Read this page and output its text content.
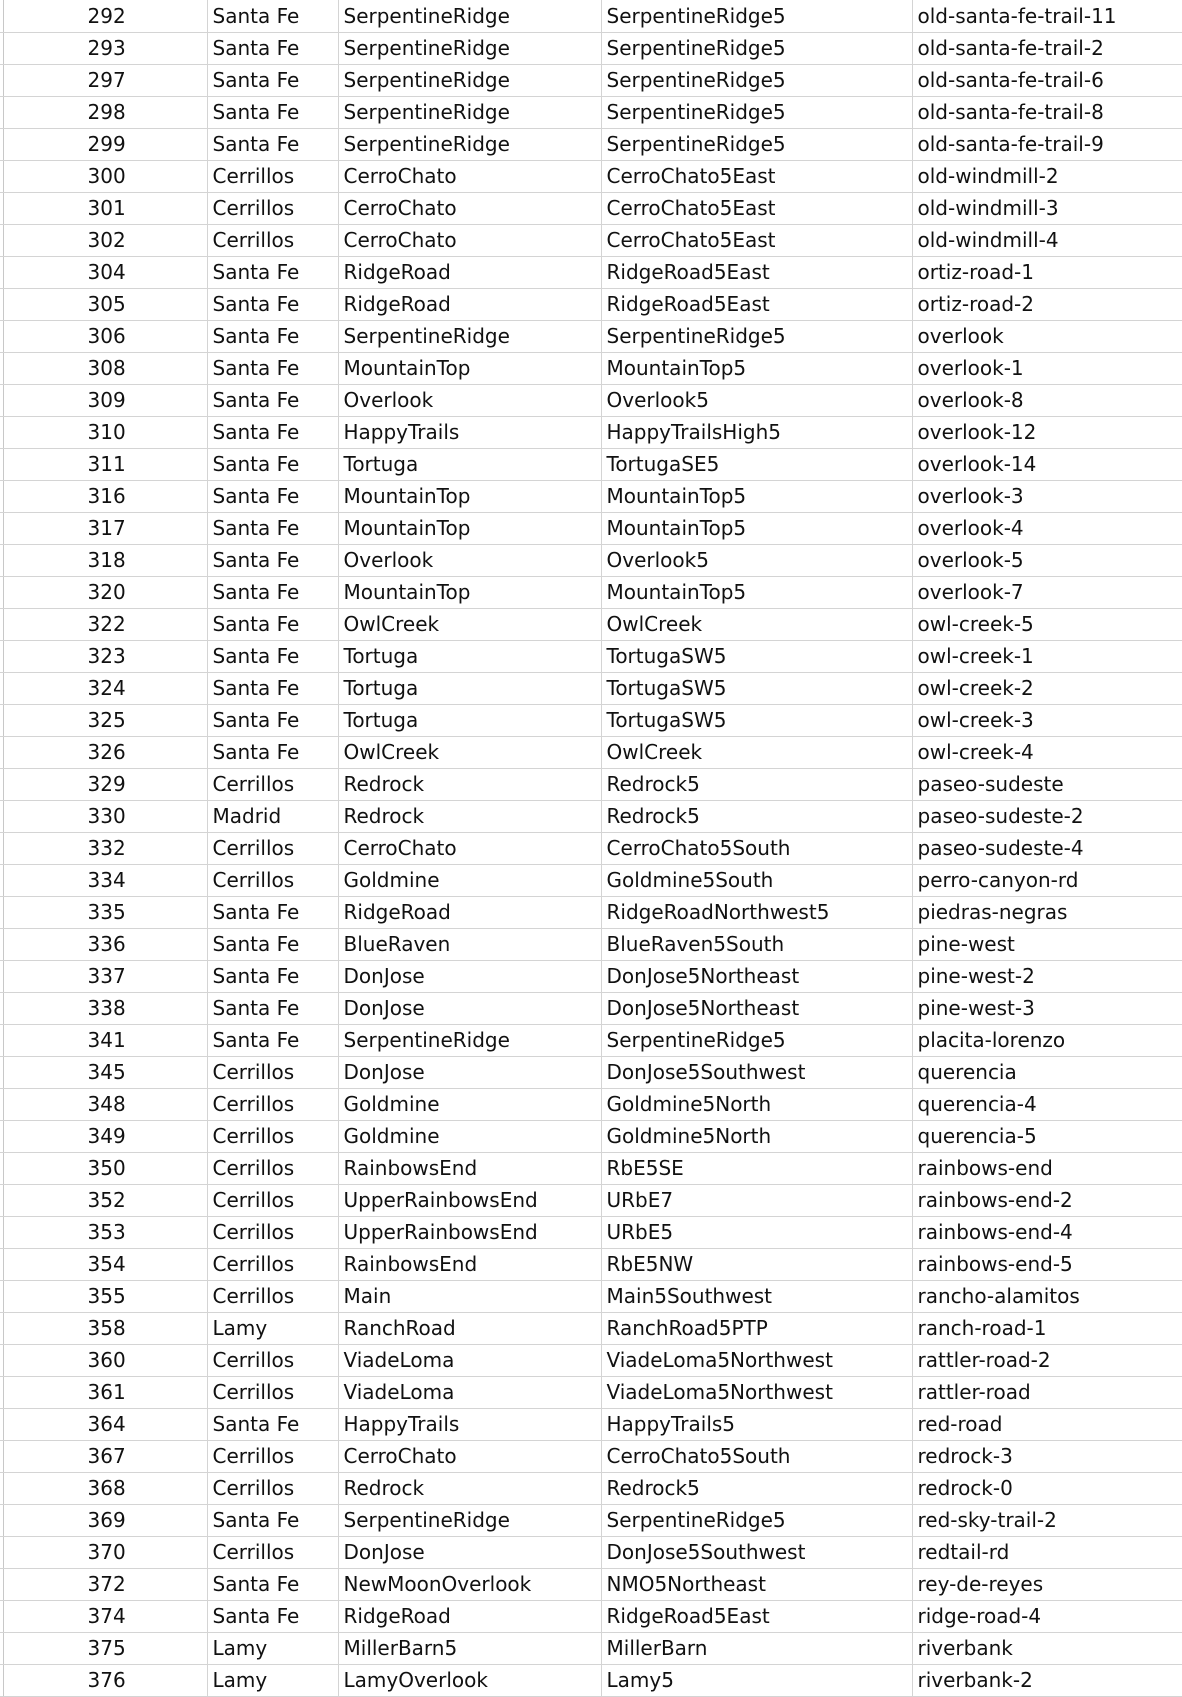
	292	Santa Fe	SerpentineRidge	SerpentineRidge5	old-santa-fe-trail-11
	293	Santa Fe	SerpentineRidge	SerpentineRidge5	old-santa-fe-trail-2
	297	Santa Fe	SerpentineRidge	SerpentineRidge5	old-santa-fe-trail-6
	298	Santa Fe	SerpentineRidge	SerpentineRidge5	old-santa-fe-trail-8
	299	Santa Fe	SerpentineRidge	SerpentineRidge5	old-santa-fe-trail-9
	300	Cerrillos	CerroChato	CerroChato5East	old-windmill-2
	301	Cerrillos	CerroChato	CerroChato5East	old-windmill-3
	302	Cerrillos	CerroChato	CerroChato5East	old-windmill-4
	304	Santa Fe	RidgeRoad	RidgeRoad5East	ortiz-road-1
	305	Santa Fe	RidgeRoad	RidgeRoad5East	ortiz-road-2
	306	Santa Fe	SerpentineRidge	SerpentineRidge5	overlook
	308	Santa Fe	MountainTop	MountainTop5	overlook-1
	309	Santa Fe	Overlook	Overlook5	overlook-8
	310	Santa Fe	HappyTrails	HappyTrailsHigh5	overlook-12
	311	Santa Fe	Tortuga	TortugaSE5	overlook-14
	316	Santa Fe	MountainTop	MountainTop5	overlook-3
	317	Santa Fe	MountainTop	MountainTop5	overlook-4
	318	Santa Fe	Overlook	Overlook5	overlook-5
	320	Santa Fe	MountainTop	MountainTop5	overlook-7
	322	Santa Fe	OwlCreek	OwlCreek	owl-creek-5
	323	Santa Fe	Tortuga	TortugaSW5	owl-creek-1
	324	Santa Fe	Tortuga	TortugaSW5	owl-creek-2
	325	Santa Fe	Tortuga	TortugaSW5	owl-creek-3
	326	Santa Fe	OwlCreek	OwlCreek	owl-creek-4
	329	Cerrillos	Redrock	Redrock5	paseo-sudeste
	330	Madrid	Redrock	Redrock5	paseo-sudeste-2
	332	Cerrillos	CerroChato	CerroChato5South	paseo-sudeste-4
	334	Cerrillos	Goldmine	Goldmine5South	perro-canyon-rd
	335	Santa Fe	RidgeRoad	RidgeRoadNorthwest5	piedras-negras
	336	Santa Fe	BlueRaven	BlueRaven5South	pine-west
	337	Santa Fe	DonJose	DonJose5Northeast	pine-west-2
	338	Santa Fe	DonJose	DonJose5Northeast	pine-west-3
	341	Santa Fe	SerpentineRidge	SerpentineRidge5	placita-lorenzo
	345	Cerrillos	DonJose	DonJose5Southwest	querencia
	348	Cerrillos	Goldmine	Goldmine5North	querencia-4
	349	Cerrillos	Goldmine	Goldmine5North	querencia-5
	350	Cerrillos	RainbowsEnd	RbE5SE	rainbows-end
	352	Cerrillos	UpperRainbowsEnd	URbE7	rainbows-end-2
	353	Cerrillos	UpperRainbowsEnd	URbE5	rainbows-end-4
	354	Cerrillos	RainbowsEnd	RbE5NW	rainbows-end-5
	355	Cerrillos	Main	Main5Southwest	rancho-alamitos
	358	Lamy	RanchRoad	RanchRoad5PTP	ranch-road-1
	360	Cerrillos	ViadeLoma	ViadeLoma5Northwest	rattler-road-2
	361	Cerrillos	ViadeLoma	ViadeLoma5Northwest	rattler-road
	364	Santa Fe	HappyTrails	HappyTrails5	red-road
	367	Cerrillos	CerroChato	CerroChato5South	redrock-3
	368	Cerrillos	Redrock	Redrock5	redrock-0
	369	Santa Fe	SerpentineRidge	SerpentineRidge5	red-sky-trail-2
	370	Cerrillos	DonJose	DonJose5Southwest	redtail-rd
	372	Santa Fe	NewMoonOverlook	NMO5Northeast	rey-de-reyes
	374	Santa Fe	RidgeRoad	RidgeRoad5East	ridge-road-4
	375	Lamy	MillerBarn5	MillerBarn	riverbank
	376	Lamy	LamyOverlook	Lamy5	riverbank-2
